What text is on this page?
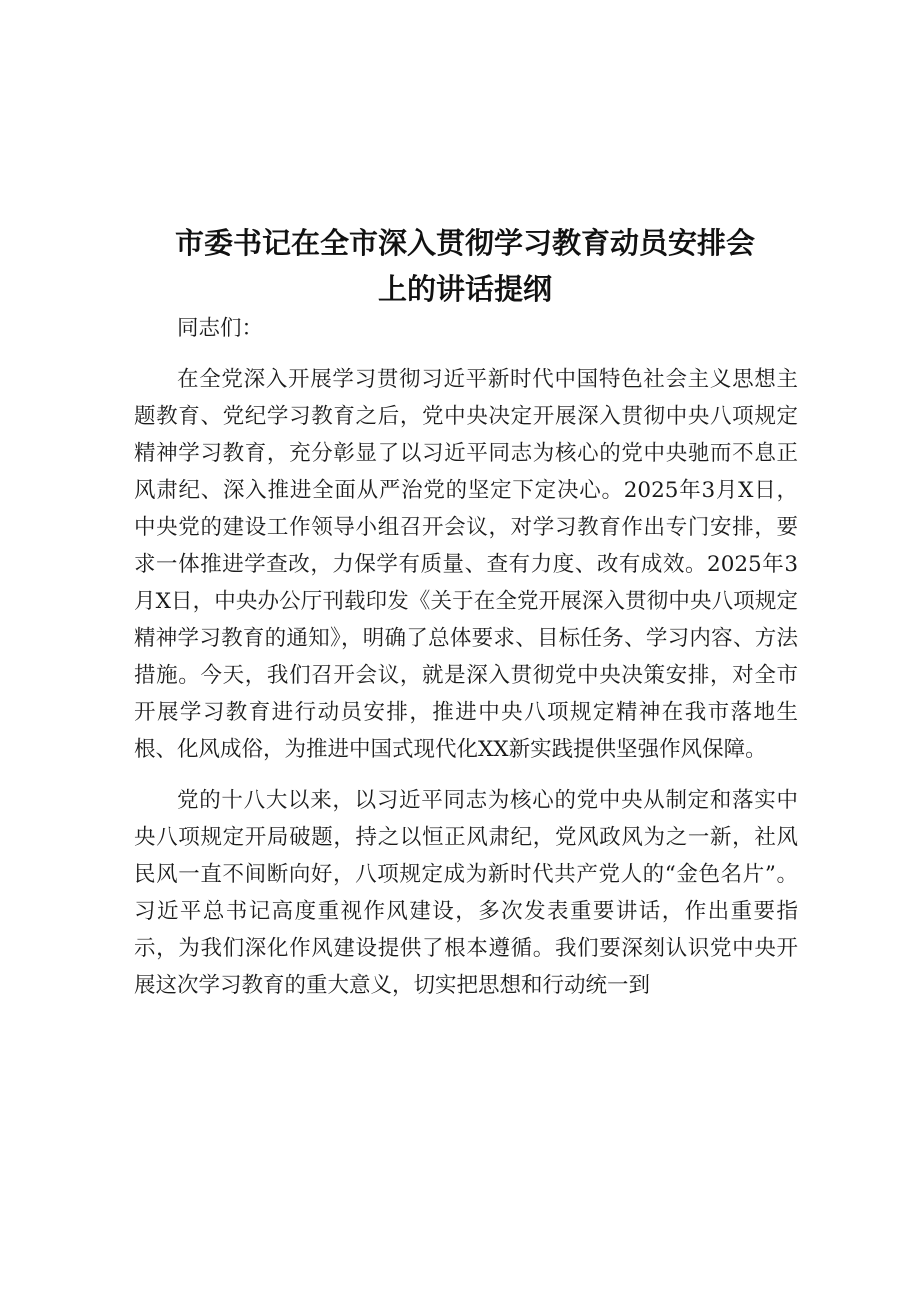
市委书记在全市深入贯彻学习教育动员安排会
上的讲话提纲

同志们：

在全党深入开展学习贯彻习近平新时代中国特色社会主义思想主题教育、党纪学习教育之后，党中央决定开展深入贯彻中央八项规定精神学习教育，充分彰显了以习近平同志为核心的党中央驰而不息正风肃纪、深入推进全面从严治党的坚定下定决心。2025年3月X日，中央党的建设工作领导小组召开会议，对学习教育作出专门安排，要求一体推进学查改，力保学有质量、查有力度、改有成效。2025年3月X日，中央办公厅刊载印发《关于在全党开展深入贯彻中央八项规定精神学习教育的通知》，明确了总体要求、目标任务、学习内容、方法措施。今天，我们召开会议，就是深入贯彻党中央决策安排，对全市开展学习教育进行动员安排，推进中央八项规定精神在我市落地生根、化风成俗，为推进中国式现代化XX新实践提供坚强作风保障。

党的十八大以来，以习近平同志为核心的党中央从制定和落实中央八项规定开局破题，持之以恒正风肃纪，党风政风为之一新，社风民风一直不间断向好，八项规定成为新时代共产党人的“金色名片”。习近平总书记高度重视作风建设，多次发表重要讲话，作出重要指示，为我们深化作风建设提供了根本遵循。我们要深刻认识党中央开展这次学习教育的重大意义，切实把思想和行动统一到
